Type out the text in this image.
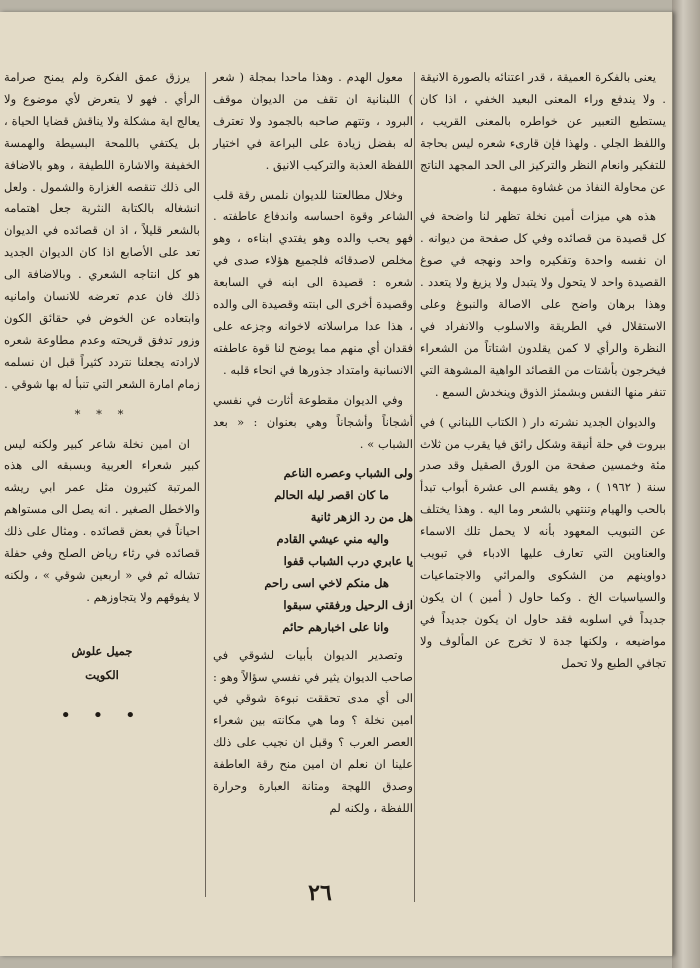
يعنى بالفكرة العميقة ، قدر اعتنائه بالصورة الانيقة . ولا يندفع وراء المعنى البعيد الخفي ، اذا كان يستطيع التعبير عن خواطره بالمعنى القريب ، واللفظ الجلي . ولهذا فإن قارىء شعره ليس بحاجة للتفكير وانعام النظر والتركيز الى الحد المجهد الناتج عن محاولة النفاذ من غشاوة مبهمة .

هذه هي ميزات أمين نخلة تظهر لنا واضحة في كل قصيدة من قصائده وفي كل صفحة من ديوانه . ان نفسه واحدة وتفكيره واحد ونهجه في صوغ القصيدة واحد لا يتحول ولا يتبدل ولا يزيغ ولا يتعدد . وهذا برهان واضح على الاصالة والنبوغ وعلى الاستقلال في الطريقة والاسلوب والانفراد في النظرة والرأي لا كمن يقلدون اشتاتاً من الشعراء فيخرجون بأشتات من القصائد الواهية المشوهة التي تنفر منها النفس وبشمئز الذوق وينخدش السمع .

والديوان الجديد نشرته دار ( الكتاب اللبناني ) في بيروت في حلة أنيقة وشكل رائق فيا يقرب من ثلاث مئة وخمسين صفحة من الورق الصقيل وقد صدر سنة ( ١٩٦٢ ) ، وهو يقسم الى عشرة أبواب تبدأ بالحب والهيام وتنتهي بالشعر وما اليه . وهذا يختلف عن التبويب المعهود بأنه لا يحمل تلك الاسماء والعناوين التي تعارف عليها الادباء في تبويب دواوينهم من الشكوى والمراثي والاجتماعيات والسياسيات الخ . وكما حاول ( أمين ) ان يكون جديداً في اسلوبه فقد حاول ان يكون جديداً في مواضيعه ، ولكنها جدة لا تخرج عن المألوف ولا تجافي الطبع ولا تحمل

معول الهدم . وهذا ماحدا بمجلة ( شعر ) اللبنانية ان تقف من الديوان موقف البرود ، وتتهم صاحبه بالجمود ولا تعترف له بفضل زيادة على البراعة في اختيار اللفظة العذبة والتركيب الانيق .

وخلال مطالعتنا للديوان نلمس رقة قلب الشاعر وقوة احساسه واندفاع عاطفته . فهو يحب والده وهو يفتدي ابناءه ، وهو مخلص لاصدقائه فلجميع هؤلاء صدى في شعره : قصيدة الى ابنه في السابعة وقصيدة أخرى الى ابنته وقصيدة الى والده ، هذا عدا مراسلاته لاخوانه وجزعه على فقدان أي منهم مما يوضح لنا قوة عاطفته الانسانية وامتداد جذورها في انحاء قلبه .

وفي الديوان مقطوعة أثارت في نفسي أشجاناً وأشجاناً وهي بعنوان : « بعد الشباب » .

ولى الشباب وعصره الناعم
ما كان اقصر ليله الحالم
هل من رد الزهر ثانية
واليه مني عيشي القادم
يا عابري درب الشباب قفوا
هل منكم لاخي اسى راحم
ازف الرحيل ورفقتي سبقوا
وانا على اخبارهم حائم

وتصدير الديوان بأبيات لشوقي في صاحب الديوان يثير في نفسي سؤالاً وهو : الى أي مدى تحققت نبوءة شوقي في امين نخلة ؟ وما هي مكانته بين شعراء العصر العرب ؟ وقبل ان نجيب على ذلك علينا ان نعلم ان امين منح رقة العاطفة وصدق اللهجة ومتانة العبارة وحرارة اللفظة ، ولكنه لم

يرزق عمق الفكرة ولم يمنح صرامة الرأي . فهو لا يتعرض لأي موضوع ولا يعالج اية مشكلة ولا يناقش قضايا الحياة ، بل يكتفي باللمحة البسيطة والهمسة الخفيفة والاشارة اللطيفة ، وهو بالاضافة الى ذلك تنقصه الغزارة والشمول . ولعل انشغاله بالكتابة النثرية جعل اهتمامه بالشعر قليلاً ، اذ ان قصائده في الديوان تعد على الأصابع اذا كان الديوان الجديد هو كل انتاجه الشعري . وبالاضافة الى ذلك فان عدم تعرضه للانسان وامانيه وابتعاده عن الخوض في حقائق الكون وزور تدفق قريحته وعدم مطاوعة شعره لارادته يجعلنا نتردد كثيراً قبل ان نسلمه زمام امارة الشعر التي تنبأ له بها شوقي .

* * *

ان امين نخلة شاعر كبير ولكنه ليس كبير شعراء العربية وبسبقه الى هذه المرتبة كثيرون مثل عمر ابي ريشه والاخطل الصغير . انه يصل الى مستواهم احياناً في بعض قصائده . ومثال على ذلك قصائده في رثاء رياض الصلح وفي حفلة تشاله ثم في « اربعين شوقي » ، ولكنه لا يفوقهم ولا يتجاوزهم .

جميل علوش
الكويت
• • •
٢٦
